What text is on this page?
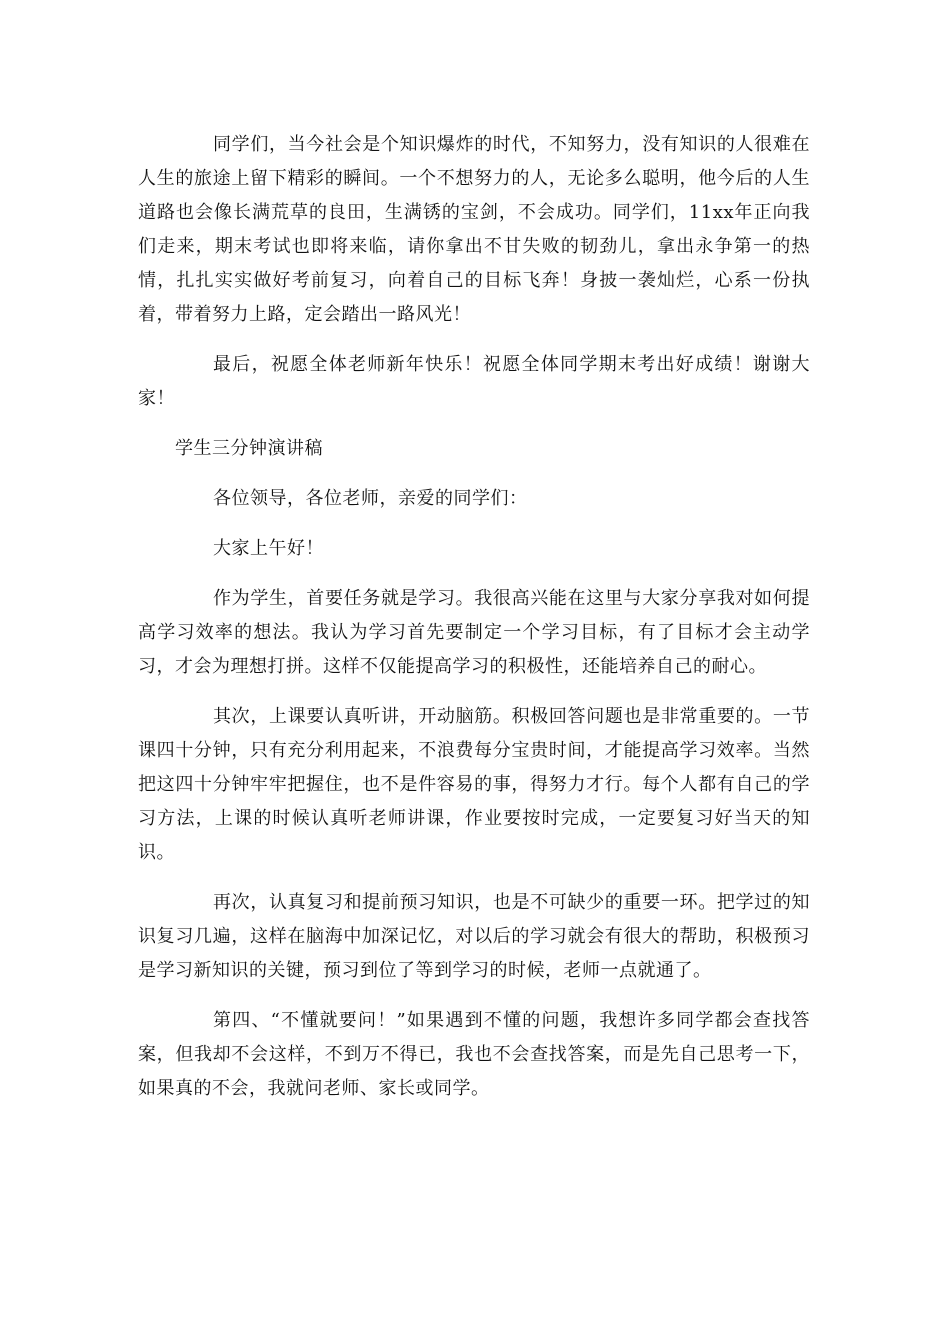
同学们，当今社会是个知识爆炸的时代，不知努力，没有知识的人很难在人生的旅途上留下精彩的瞬间。一个不想努力的人，无论多么聪明，他今后的人生道路也会像长满荒草的良田，生满锈的宝剑，不会成功。同学们，11xx年正向我们走来，期末考试也即将来临，请你拿出不甘失败的韧劲儿，拿出永争第一的热情，扎扎实实做好考前复习，向着自己的目标飞奔！身披一袭灿烂，心系一份执着，带着努力上路，定会踏出一路风光！

最后，祝愿全体老师新年快乐！祝愿全体同学期末考出好成绩！谢谢大家！

学生三分钟演讲稿

各位领导，各位老师，亲爱的同学们：

大家上午好！

作为学生，首要任务就是学习。我很高兴能在这里与大家分享我对如何提高学习效率的想法。我认为学习首先要制定一个学习目标，有了目标才会主动学习，才会为理想打拼。这样不仅能提高学习的积极性，还能培养自己的耐心。

其次，上课要认真听讲，开动脑筋。积极回答问题也是非常重要的。一节课四十分钟，只有充分利用起来，不浪费每分宝贵时间，才能提高学习效率。当然把这四十分钟牢牢把握住，也不是件容易的事，得努力才行。每个人都有自己的学习方法，上课的时候认真听老师讲课，作业要按时完成，一定要复习好当天的知识。

再次，认真复习和提前预习知识，也是不可缺少的重要一环。把学过的知识复习几遍，这样在脑海中加深记忆，对以后的学习就会有很大的帮助，积极预习是学习新知识的关键，预习到位了等到学习的时候，老师一点就通了。

第四、“不懂就要问！”如果遇到不懂的问题，我想许多同学都会查找答案，但我却不会这样，不到万不得已，我也不会查找答案，而是先自己思考一下，如果真的不会，我就问老师、家长或同学。
